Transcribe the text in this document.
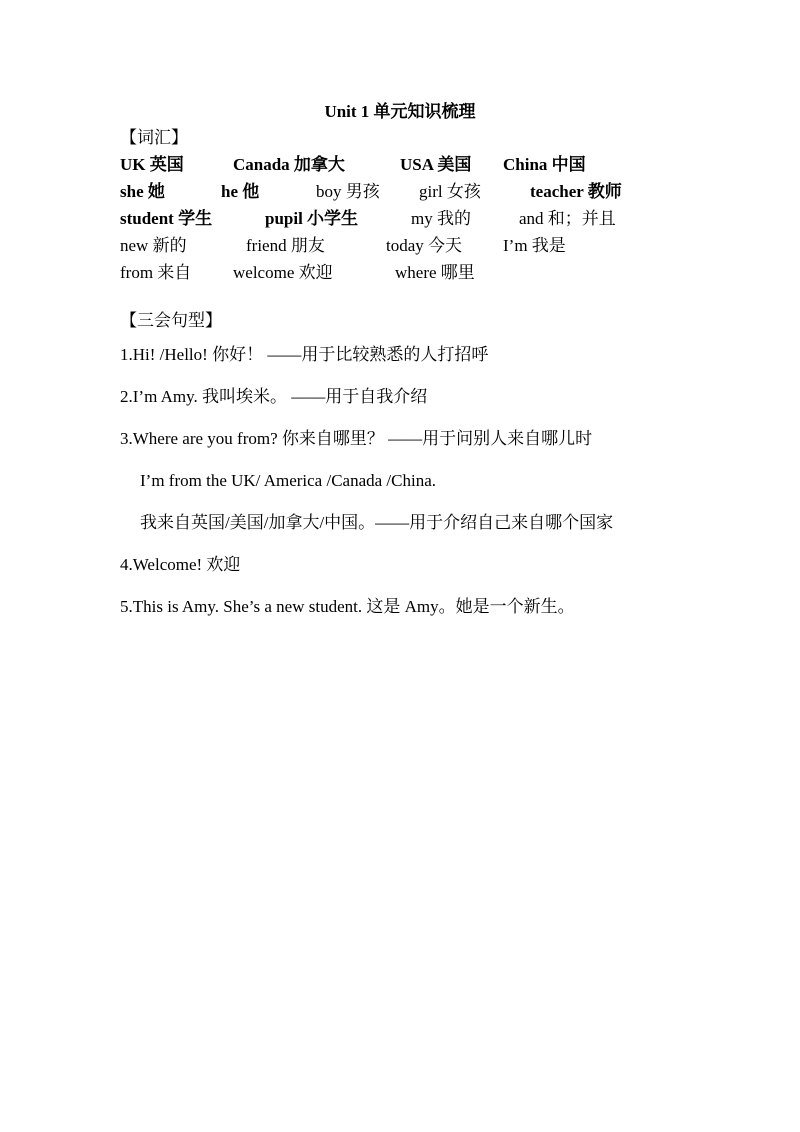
Unit 1 单元知识梳理
【词汇】
UK 英国	Canada 加拿大	USA 美国 China 中国
she 她	he 他	boy 男孩 girl 女孩	teacher 教师
student 学生	pupil 小学生	my 我的	and 和；并且
new 新的	friend 朋友	today 今天 I’m 我是
from 来自 welcome 欢迎	where 哪里
【三会句型】
1.Hi! /Hello! 你好！ ——用于比较熟悉的人打招呼
2.I’m Amy. 我叫埃米。 ——用于自我介绍
3.Where are you from? 你来自哪里？ ——用于问别人来自哪儿时
I’m from the UK/ America /Canada /China.
我来自英国/美国/加拿大/中国。——用于介绍自己来自哪个国家
4.Welcome! 欢迎
5.This is Amy. She’s a new student. 这是 Amy。她是一个新生。
